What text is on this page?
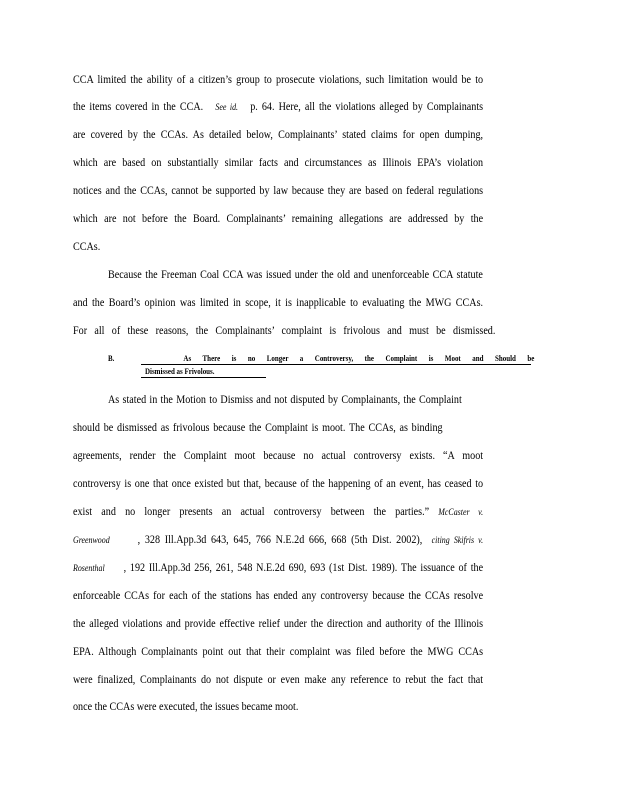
CCA limited the ability of a citizen’s group to prosecute violations, such limitation would be to
the items covered in the CCA. See id. p. 64. Here, all the violations alleged by Complainants
are covered by the CCAs. As detailed below, Complainants’ stated claims for open dumping,
which are based on substantially similar facts and circumstances as Illinois EPA’s violation
notices and the CCAs, cannot be supported by law because they are based on federal regulations
which are not before the Board. Complainants’ remaining allegations are addressed by the
CCAs.
Because the Freeman Coal CCA was issued under the old and unenforceable CCA statute
and the Board’s opinion was limited in scope, it is inapplicable to evaluating the MWG CCAs.
For all of these reasons, the Complainants’ complaint is frivolous and must be dismissed.
B.	As There is no Longer a Controversy, the Complaint is Moot and Should be
Dismissed as Frivolous.
As stated in the Motion to Dismiss and not disputed by Complainants, the Complaint
should be dismissed as frivolous because the Complaint is moot. The CCAs, as binding
agreements, render the Complaint moot because no actual controversy exists. “A moot
controversy is one that once existed but that, because of the happening of an event, has ceased to
exist and no longer presents an actual controversy between the parties.” McCaster v.
Greenwood , 328 Ill.App.3d 643, 645, 766 N.E.2d 666, 668 (5th Dist. 2002), citing Skifris v.
Rosenthal , 192 Ill.App.3d 256, 261, 548 N.E.2d 690, 693 (1st Dist. 1989). The issuance of the
enforceable CCAs for each of the stations has ended any controversy because the CCAs resolve
the alleged violations and provide effective relief under the direction and authority of the Illinois
EPA. Although Complainants point out that their complaint was filed before the MWG CCAs
were finalized, Complainants do not dispute or even make any reference to rebut the fact that
once the CCAs were executed, the issues became moot.
